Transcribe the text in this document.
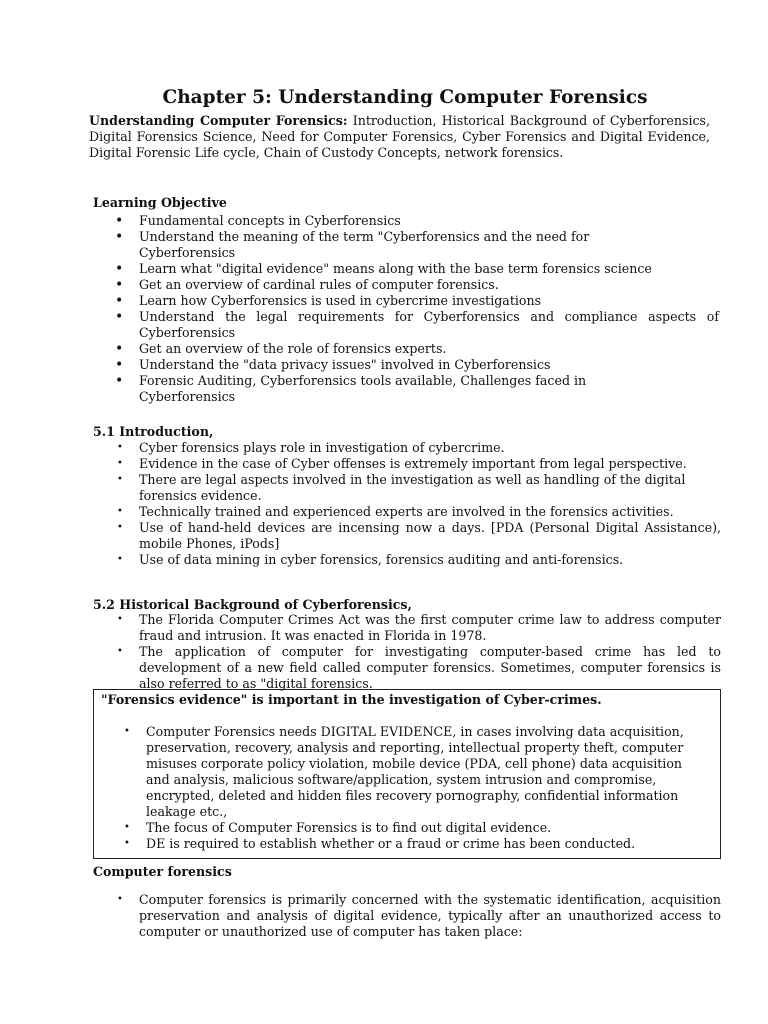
Chapter 5: Understanding Computer Forensics
Understanding Computer Forensics: Introduction, Historical Background of Cyberforensics, Digital Forensics Science, Need for Computer Forensics, Cyber Forensics and Digital Evidence, Digital Forensic Life cycle, Chain of Custody Concepts, network forensics.
Learning Objective
• Fundamental concepts in Cyberforensics
• Understand the meaning of the term "Cyberforensics and the need for Cyberforensics
• Learn what "digital evidence" means along with the base term forensics science
• Get an overview of cardinal rules of computer forensics.
• Learn how Cyberforensics is used in cybercrime investigations
• Understand the legal requirements for Cyberforensics and compliance aspects of Cyberforensics
• Get an overview of the role of forensics experts.
• Understand the "data privacy issues" involved in Cyberforensics
• Forensic Auditing, Cyberforensics tools available, Challenges faced in Cyberforensics
5.1 Introduction,
• Cyber forensics plays role in investigation of cybercrime.
• Evidence in the case of Cyber offenses is extremely important from legal perspective.
• There are legal aspects involved in the investigation as well as handling of the digital forensics evidence.
• Technically trained and experienced experts are involved in the forensics activities.
• Use of hand-held devices are incensing now a days. [PDA (Personal Digital Assistance), mobile Phones, iPods]
• Use of data mining in cyber forensics, forensics auditing and anti-forensics.
5.2 Historical Background of Cyberforensics,
• The Florida Computer Crimes Act was the first computer crime law to address computer fraud and intrusion. It was enacted in Florida in 1978.
• The application of computer for investigating computer-based crime has led to development of a new field called computer forensics. Sometimes, computer forensics is also referred to as "digital forensics.
"Forensics evidence" is important in the investigation of Cyber-crimes.
• Computer Forensics needs DIGITAL EVIDENCE, in cases involving data acquisition, preservation, recovery, analysis and reporting, intellectual property theft, computer misuses corporate policy violation, mobile device (PDA, cell phone) data acquisition and analysis, malicious software/application, system intrusion and compromise, encrypted, deleted and hidden files recovery pornography, confidential information leakage etc.,
• The focus of Computer Forensics is to find out digital evidence.
• DE is required to establish whether or a fraud or crime has been conducted.
Computer forensics
• Computer forensics is primarily concerned with the systematic identification, acquisition preservation and analysis of digital evidence, typically after an unauthorized access to computer or unauthorized use of computer has taken place:
